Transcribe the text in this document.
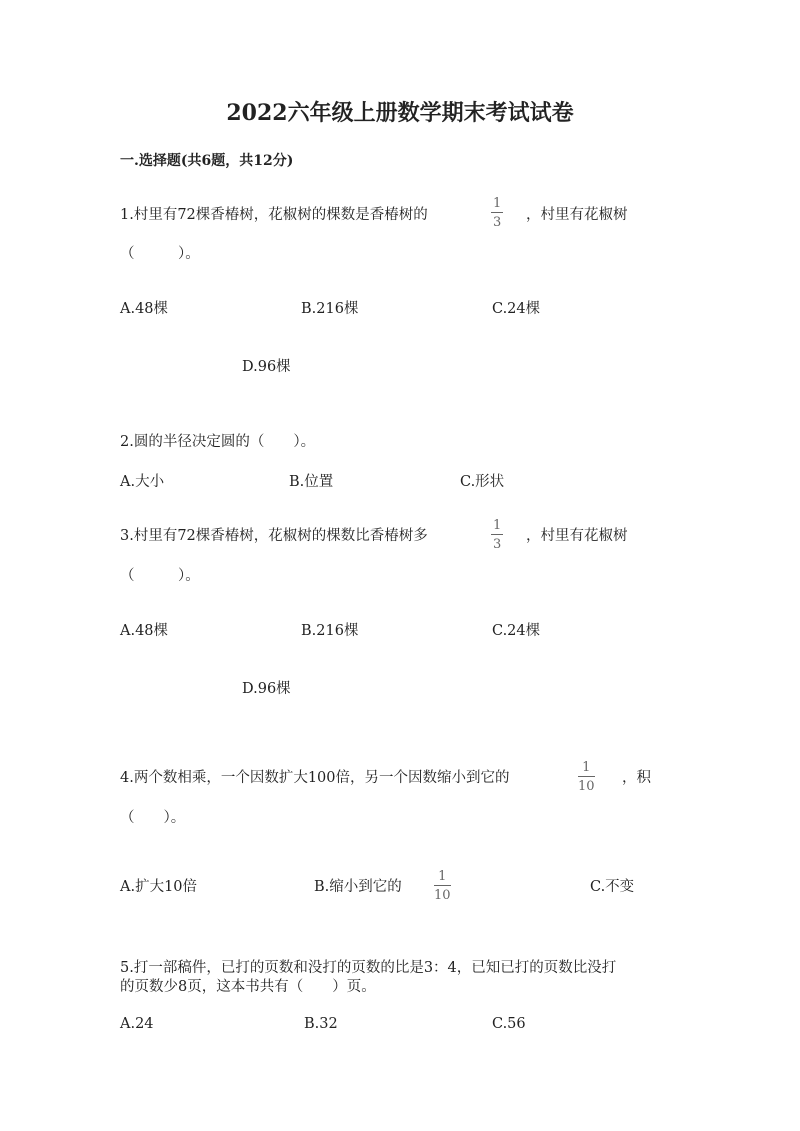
2022六年级上册数学期末考试试卷
一.选择题(共6题，共12分)
1.村里有72棵香椿树，花椒树的棵数是香椿树的
1
3 ，村里有花椒树
（　　　）。
A.48棵	B.216棵	C.24棵
D.96棵
2.圆的半径决定圆的（　　）。
A.大小	B.位置	C.形状
3.村里有72棵香椿树，花椒树的棵数比香椿树多
1
3
，村里有花椒树
（　　　）。
A.48棵	B.216棵	C.24棵
D.96棵
4.两个数相乘，一个因数扩大100倍，另一个因数缩小到它的
1
10
，积
（　　）。
A.扩大10倍	B.缩小到它的
1
10
C.不变
5.打一部稿件，已打的页数和没打的页数的比是3：4，已知已打的页数比没打
的页数少8页，这本书共有（　　）页。
A.24	B.32	C.56
